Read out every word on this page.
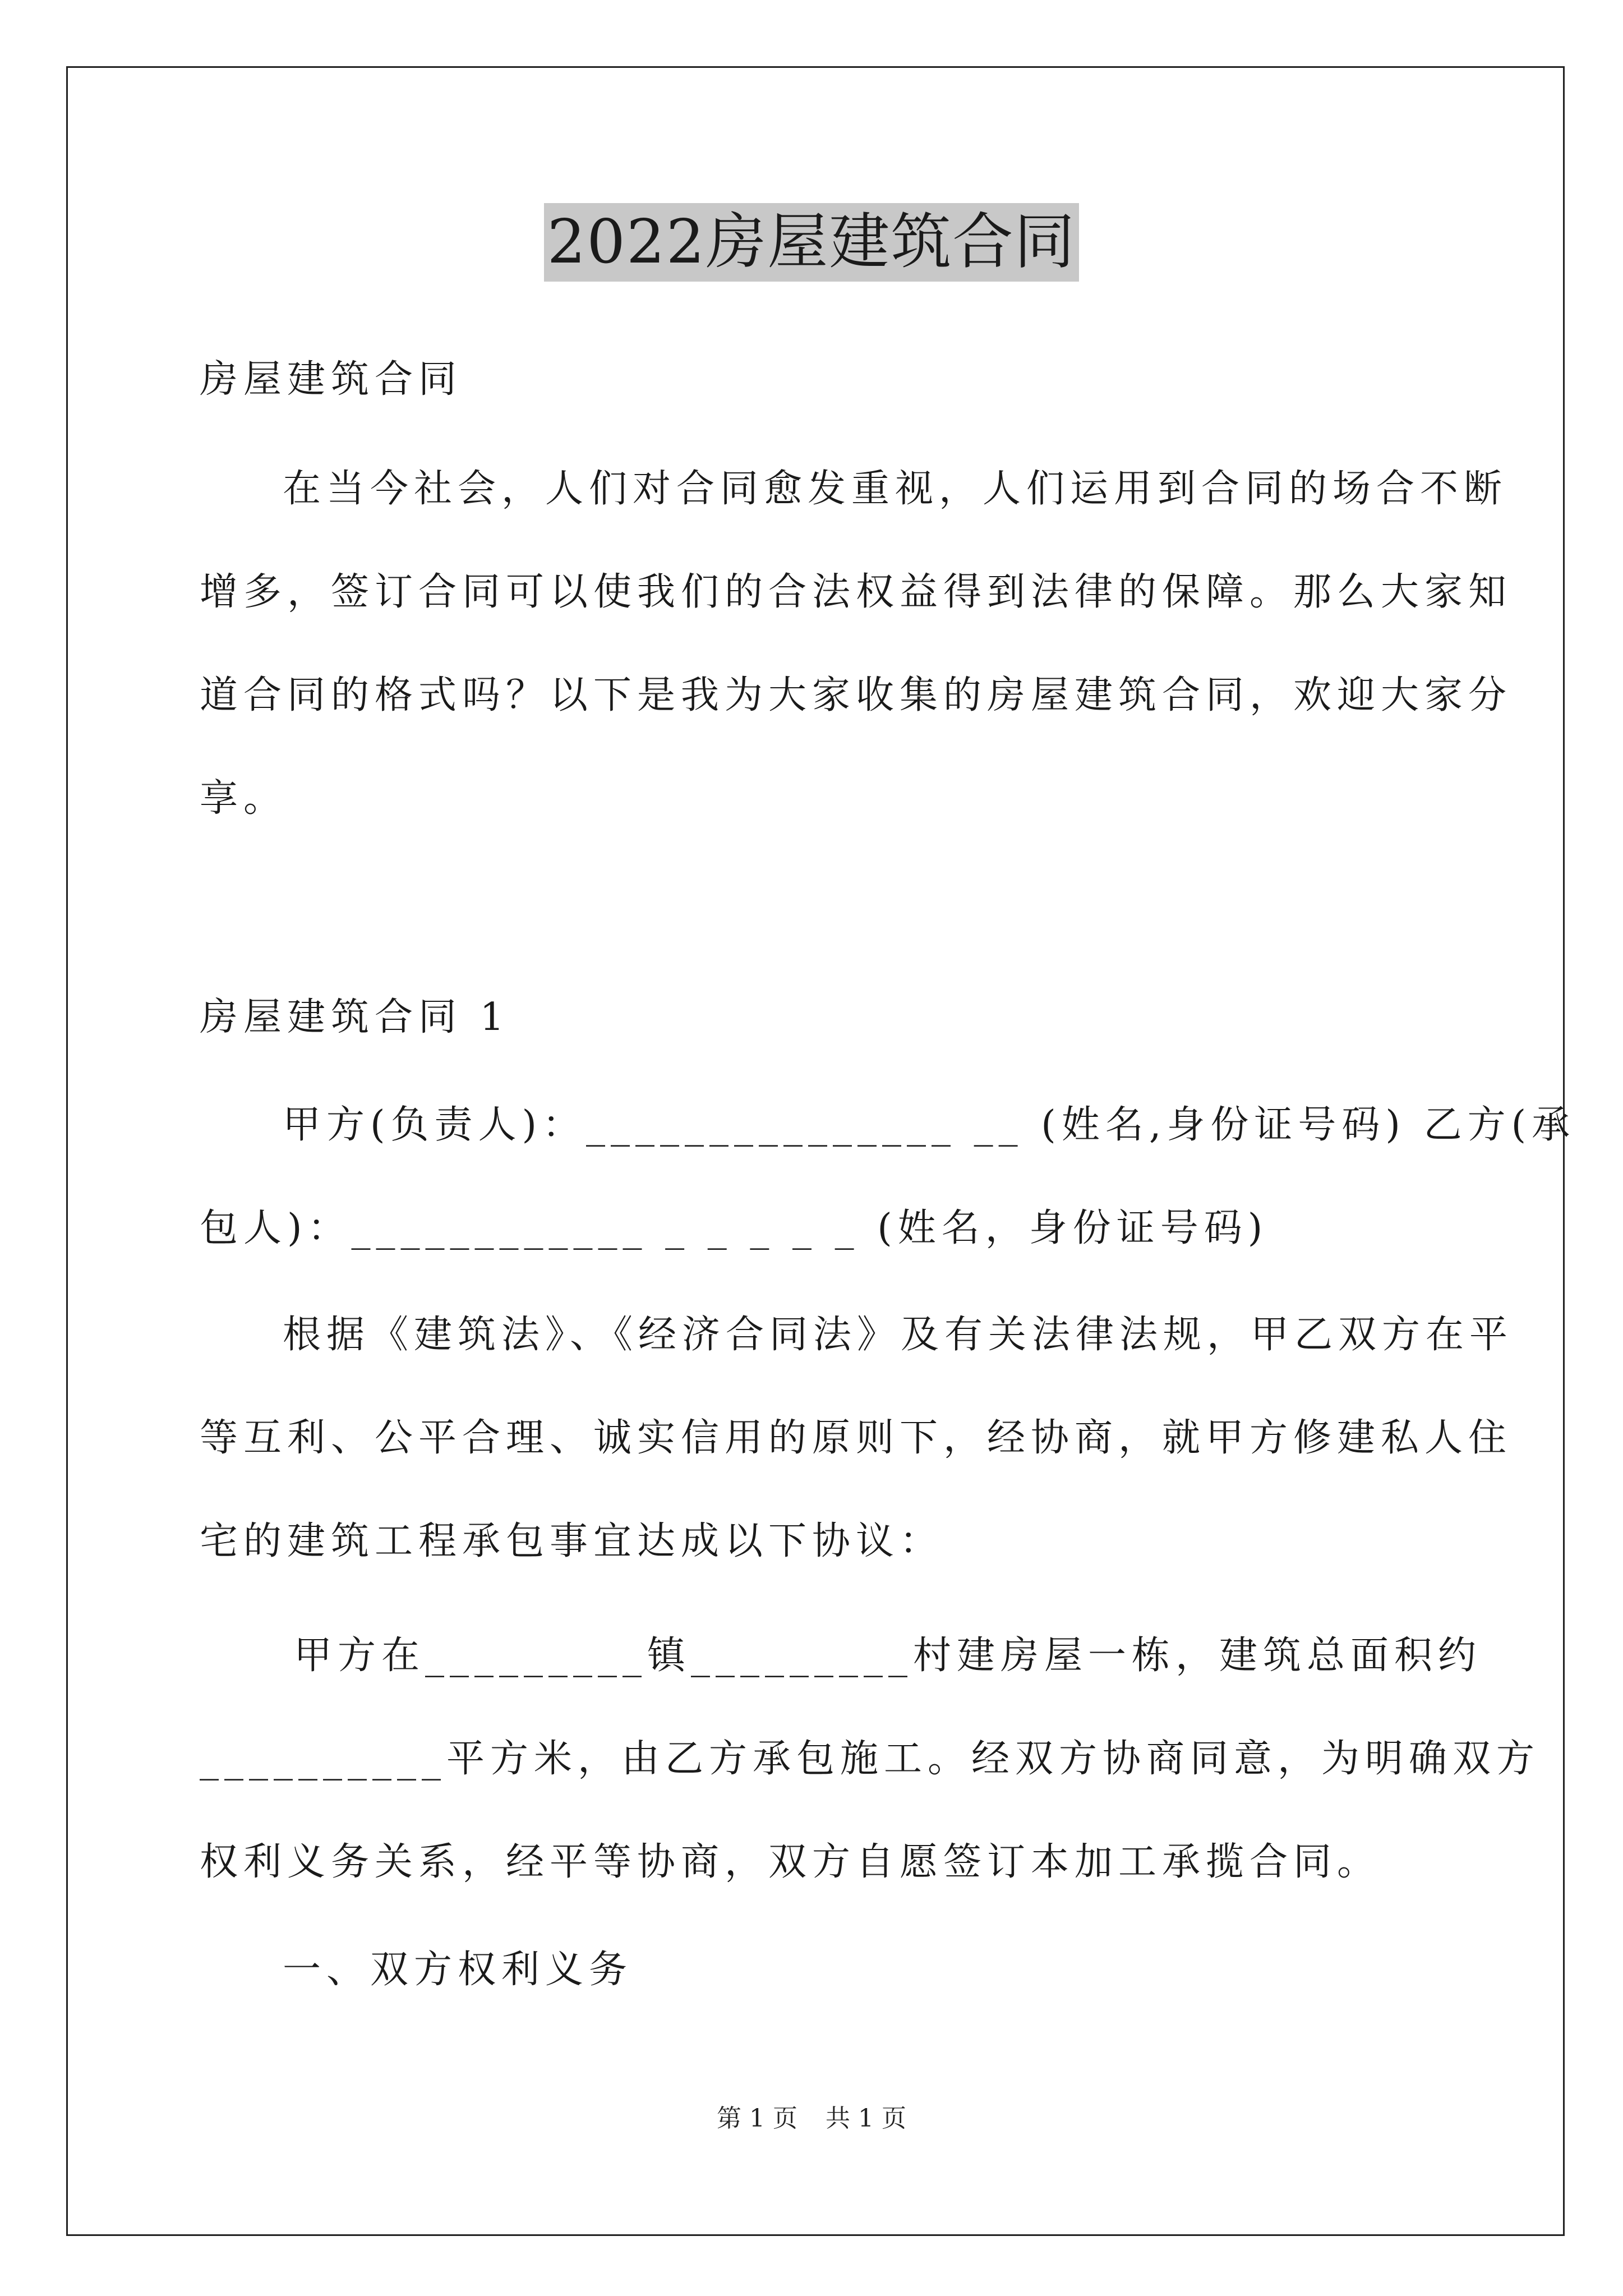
2022房屋建筑合同

房屋建筑合同

在当今社会，人们对合同愈发重视，人们运用到合同的场合不断
增多，签订合同可以使我们的合法权益得到法律的保障。那么大家知
道合同的格式吗？以下是我为大家收集的房屋建筑合同，欢迎大家分
享。

房屋建筑合同 1

甲方(负责人)：_______________ __ (姓名,身份证号码) 乙方(承
包人)：____________ _ _ _ _ _ (姓名，身份证号码)
根据《建筑法》、《经济合同法》及有关法律法规，甲乙双方在平
等互利、公平合理、诚实信用的原则下，经协商，就甲方修建私人住
宅的建筑工程承包事宜达成以下协议：
甲方在_________镇_________村建房屋一栋，建筑总面积约
__________平方米，由乙方承包施工。经双方协商同意，为明确双方
权利义务关系，经平等协商，双方自愿签订本加工承揽合同。

一、双方权利义务

第 1 页 共 1 页
